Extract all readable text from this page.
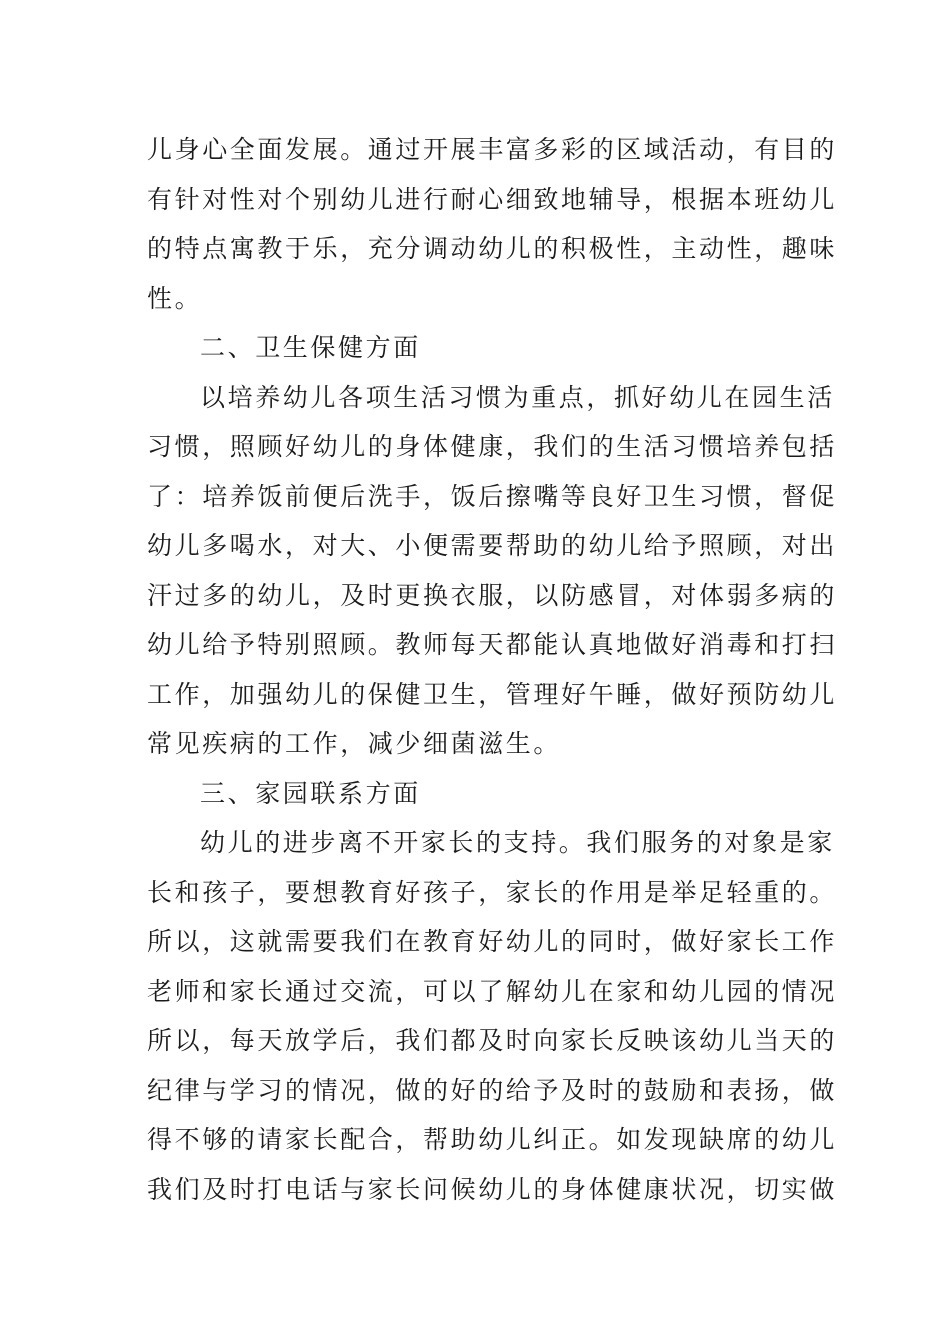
儿身心全面发展。通过开展丰富多彩的区域活动，有目的
有针对性对个别幼儿进行耐心细致地辅导，根据本班幼儿
的特点寓教于乐，充分调动幼儿的积极性，主动性，趣味
性。
二、卫生保健方面
以培养幼儿各项生活习惯为重点，抓好幼儿在园生活
习惯，照顾好幼儿的身体健康，我们的生活习惯培养包括
了：培养饭前便后洗手，饭后擦嘴等良好卫生习惯，督促
幼儿多喝水，对大、小便需要帮助的幼儿给予照顾，对出
汗过多的幼儿，及时更换衣服，以防感冒，对体弱多病的
幼儿给予特别照顾。教师每天都能认真地做好消毒和打扫
工作，加强幼儿的保健卫生，管理好午睡，做好预防幼儿
常见疾病的工作，减少细菌滋生。
三、家园联系方面
幼儿的进步离不开家长的支持。我们服务的对象是家
长和孩子，要想教育好孩子，家长的作用是举足轻重的。
所以，这就需要我们在教育好幼儿的同时，做好家长工作
老师和家长通过交流，可以了解幼儿在家和幼儿园的情况
所以，每天放学后，我们都及时向家长反映该幼儿当天的
纪律与学习的情况，做的好的给予及时的鼓励和表扬，做
得不够的请家长配合，帮助幼儿纠正。如发现缺席的幼儿
我们及时打电话与家长问候幼儿的身体健康状况，切实做
